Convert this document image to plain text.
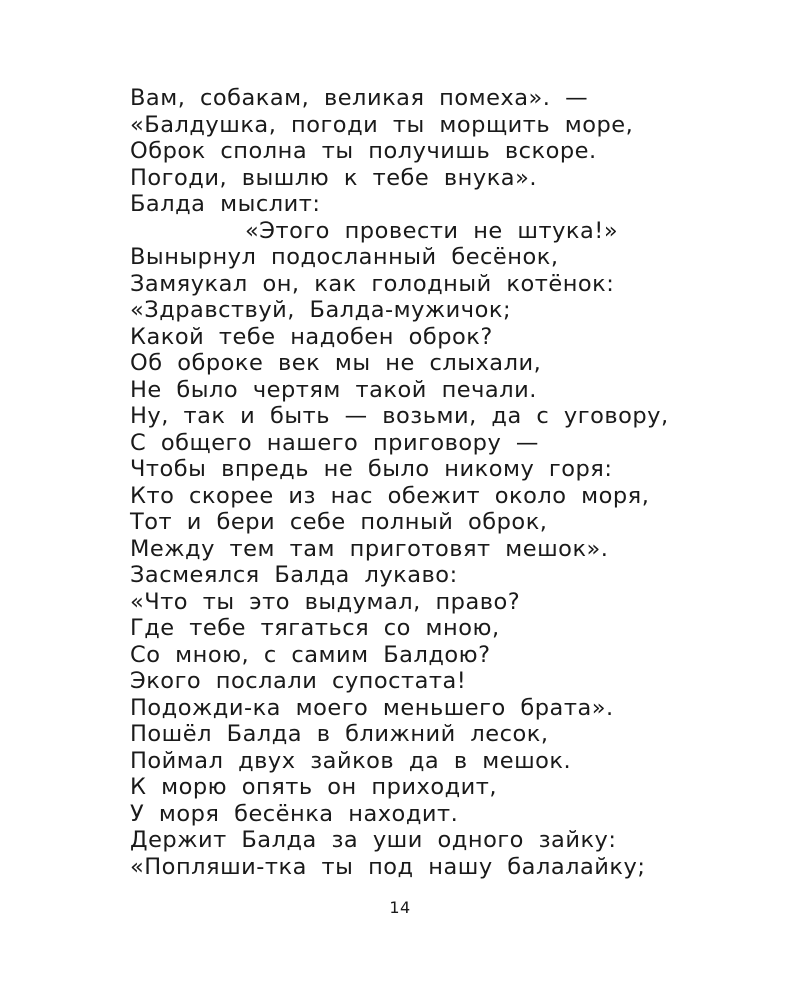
Вам, собакам, великая помеха». —
«Балдушка, погоди ты морщить море,
Оброк сполна ты получишь вскоре.
Погоди, вышлю к тебе внука».
Балда мыслит:
«Этого провести не штука!»
Вынырнул подосланный бесёнок,
Замяукал он, как голодный котёнок:
«Здравствуй, Балда-мужичок;
Какой тебе надобен оброк?
Об оброке век мы не слыхали,
Не было чертям такой печали.
Ну, так и быть — возьми, да с уговору,
С общего нашего приговору —
Чтобы впредь не было никому горя:
Кто скорее из нас обежит около моря,
Тот и бери себе полный оброк,
Между тем там приготовят мешок».
Засмеялся Балда лукаво:
«Что ты это выдумал, право?
Где тебе тягаться со мною,
Со мною, с самим Балдою?
Экого послали супостата!
Подожди-ка моего меньшего брата».
Пошёл Балда в ближний лесок,
Поймал двух зайков да в мешок.
К морю опять он приходит,
У моря бесёнка находит.
Держит Балда за уши одного зайку:
«Попляши-тка ты под нашу балалайку;
14
